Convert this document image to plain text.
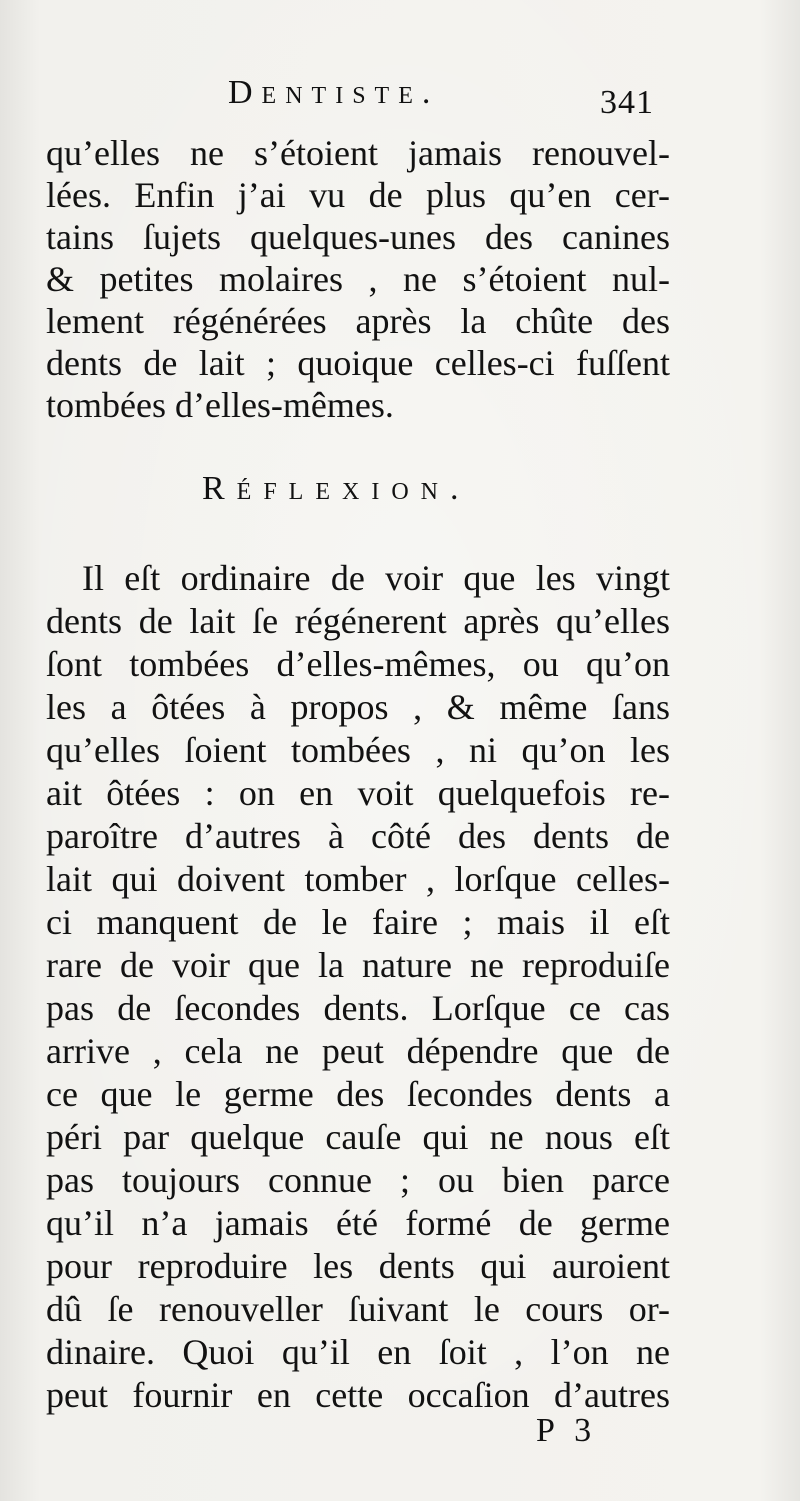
Dentiste.	341
qu’elles ne s’étoient jamais renouvel-
lées. Enfin j’ai vu de plus qu’en cer-
tains ſujets quelques-unes des canines
& petites molaires , ne s’étoient nul-
lement régénérées après la chûte des
dents de lait ; quoique celles-ci fuſſent
tombées d’elles-mêmes.
Réflexion.
Il eſt ordinaire de voir que les vingt
dents de lait ſe régénerent après qu’elles
ſont tombées d’elles-mêmes, ou qu’on
les a ôtées à propos , & même ſans
qu’elles ſoient tombées , ni qu’on les
ait ôtées : on en voit quelquefois re-
paroître d’autres à côté des dents de
lait qui doivent tomber , lorſque celles-
ci manquent de le faire ; mais il eſt
rare de voir que la nature ne reproduiſe
pas de ſecondes dents. Lorſque ce cas
arrive , cela ne peut dépendre que de
ce que le germe des ſecondes dents a
péri par quelque cauſe qui ne nous eſt
pas toujours connue ; ou bien parce
qu’il n’a jamais été formé de germe
pour reproduire les dents qui auroient
dû ſe renouveller ſuivant le cours or-
dinaire. Quoi qu’il en ſoit , l’on ne
peut fournir en cette occaſion d’autres
P 3
